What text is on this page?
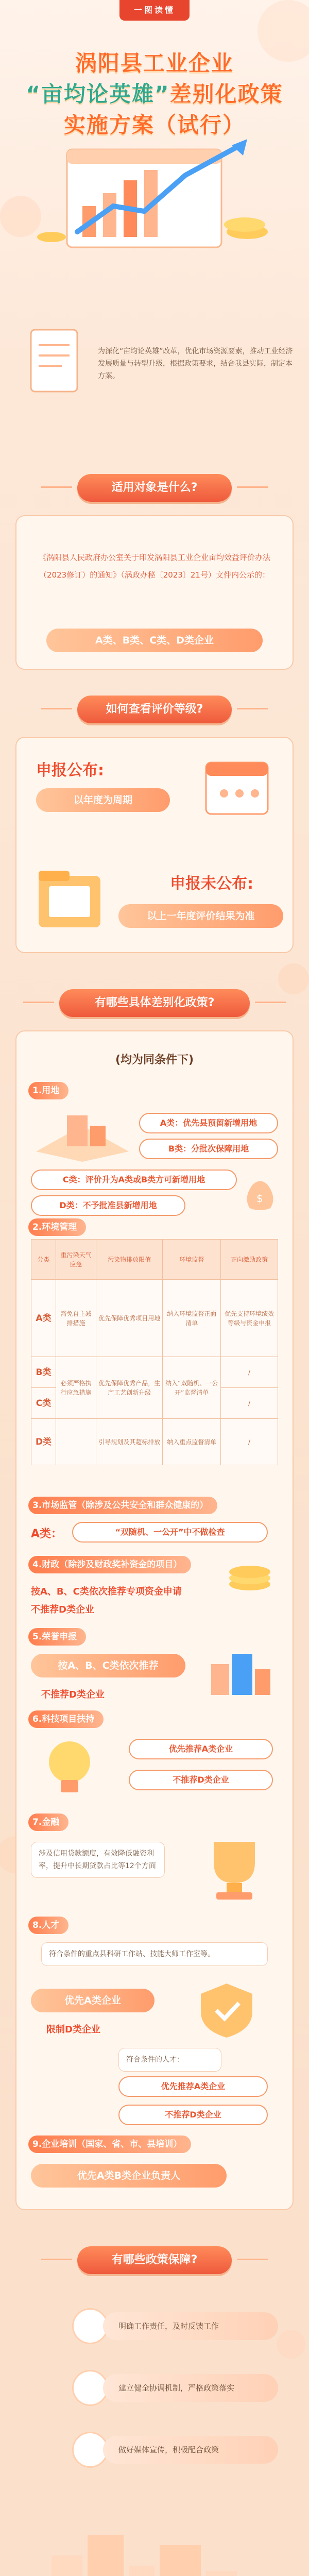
一图读懂
涡阳县工业企业
“亩均论英雄”差别化政策
实施方案（试行）
为深化“亩均论英雄”改革，优化市场资源要素，推动工业经济发展质量与转型升级，根据政策要求，结合我县实际，制定本方案。
适用对象是什么?
《涡阳县人民政府办公室关于印发涡阳县工业企业亩均效益评价办法（2023修订）的通知》（涡政办秘〔2023〕21号）文件内公示的：
A类、B类、C类、D类企业
如何查看评价等级?
申报公布:
以年度为周期
申报未公布:
以上一年度评价结果为准
有哪些具体差别化政策?
(均为同条件下)
1.用地
A类：优先县预留新增用地
B类：分批次保障用地
C类：评价升为A类或B类方可新增用地
D类：不予批准县新增用地
$
2.环境管理
分类	重污染天气应急	污染物排放限值	环境监督	正向激励政策
A类	豁免自主减排措施	优先保障优秀项目用地	纳入环境监督正面清单	优先支持环境绩效等级与资金申报
B类	必须严格执行应急措施	优先保障优秀产品，生产工艺创新升级	纳入“双随机、一公开”监督清单	/
C类				/
D类		引导规划及其超标排放	纳入重点监督清单	/
3.市场监管（除涉及公共安全和群众健康的）
A类：	“双随机、一公开”中不做检查
4.财政（除涉及财政奖补资金的项目）
按A、B、C类依次推荐专项资金申请
不推荐D类企业
5.荣誉申报
按A、B、C类依次推荐
不推荐D类企业
6.科技项目扶持
优先推荐A类企业
不推荐D类企业
7.金融
涉及信用贷款额度，有效降低融资利率，提升中长期贷款占比等12个方面
8.人才
符合条件的重点县科研工作站、技能大师工作室等。
优先A类企业
限制D类企业
符合条件的人才：
优先推荐A类企业
不推荐D类企业
9.企业培训（国家、省、市、县培训）
优先A类B类企业负责人
有哪些政策保障?
明确工作责任，及时反馈工作
建立健全协调机制，严格政策落实
做好媒体宣传，积极配合政策
